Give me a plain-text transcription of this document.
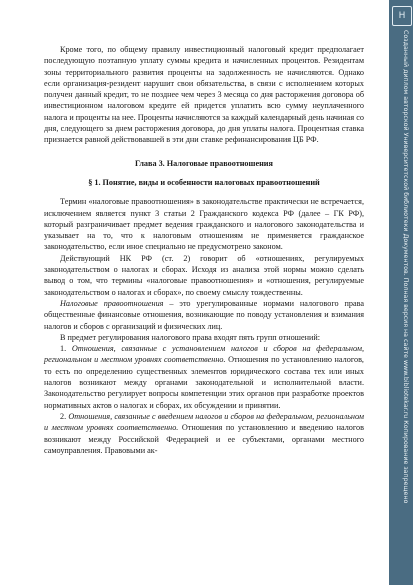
Кроме того, по общему правилу инвестиционный налоговый кредит предполагает последующую поэтапную уплату суммы кредита и начисленных процентов. Резидентам зоны территориального развития проценты на задолженность не начисляются. Однако если организация-резидент нарушит свои обязательства, в связи с исполнением которых получен данный кредит, то не позднее чем через 3 месяца со дня расторжения договора об инвестиционном налоговом кредите ей придется уплатить всю сумму неуплаченного налога и проценты на нее. Проценты начисляются за каждый календарный день начиная со дня, следующего за днем расторжения договора, до дня уплаты налога. Процентная ставка признается равной действовавшей в эти дни ставке рефинансирования ЦБ РФ.

Глава 3. Налоговые правоотношения

§ 1. Понятие, виды и особенности налоговых правоотношений

Термин «налоговые правоотношения» в законодательстве практически не встречается, исключением является пункт 3 статьи 2 Гражданского кодекса РФ (далее – ГК РФ), который разграничивает предмет ведения гражданского и налогового законодательства и указывает на то, что к налоговым отношениям не применяется гражданское законодательство, если иное специально не предусмотрено законом.

Действующий НК РФ (ст. 2) говорит об «отношениях, регулируемых законодательством о налогах и сборах. Исходя из анализа этой нормы можно сделать вывод о том, что термины «налоговые правоотношения» и «отношения, регулируемые законодательством о налогах и сборах», по своему смыслу тождественны.

Налоговые правоотношения – это урегулированные нормами налогового права общественные финансовые отношения, возникающие по поводу установления и взимания налогов и сборов с организаций и физических лиц.

В предмет регулирования налогового права входят пять групп отношений:

1. Отношения, связанные с установлением налогов и сборов на федеральном, региональном и местном уровнях соответственно. Отношения по установлению налогов, то есть по определению существенных элементов юридического состава тех или иных налогов возникают между органами законодательной и исполнительной власти. Законодательство регулирует вопросы компетенции этих органов при разработке проектов нормативных актов о налогах и сборах, их обсуждении и принятии.

2. Отношения, связанные с введением налогов и сборов на федеральном, региональном и местном уровнях соответственно. Отношения по установлению и введению налогов возникают между Российской Федерацией и ее субъектами, органами местного самоуправления. Правовыми ак-

Н
Созданный диплом авторской Университетской библиотеки Документов. Полная версия на сайте www.bibliotekar.ru Копирование запрещено
